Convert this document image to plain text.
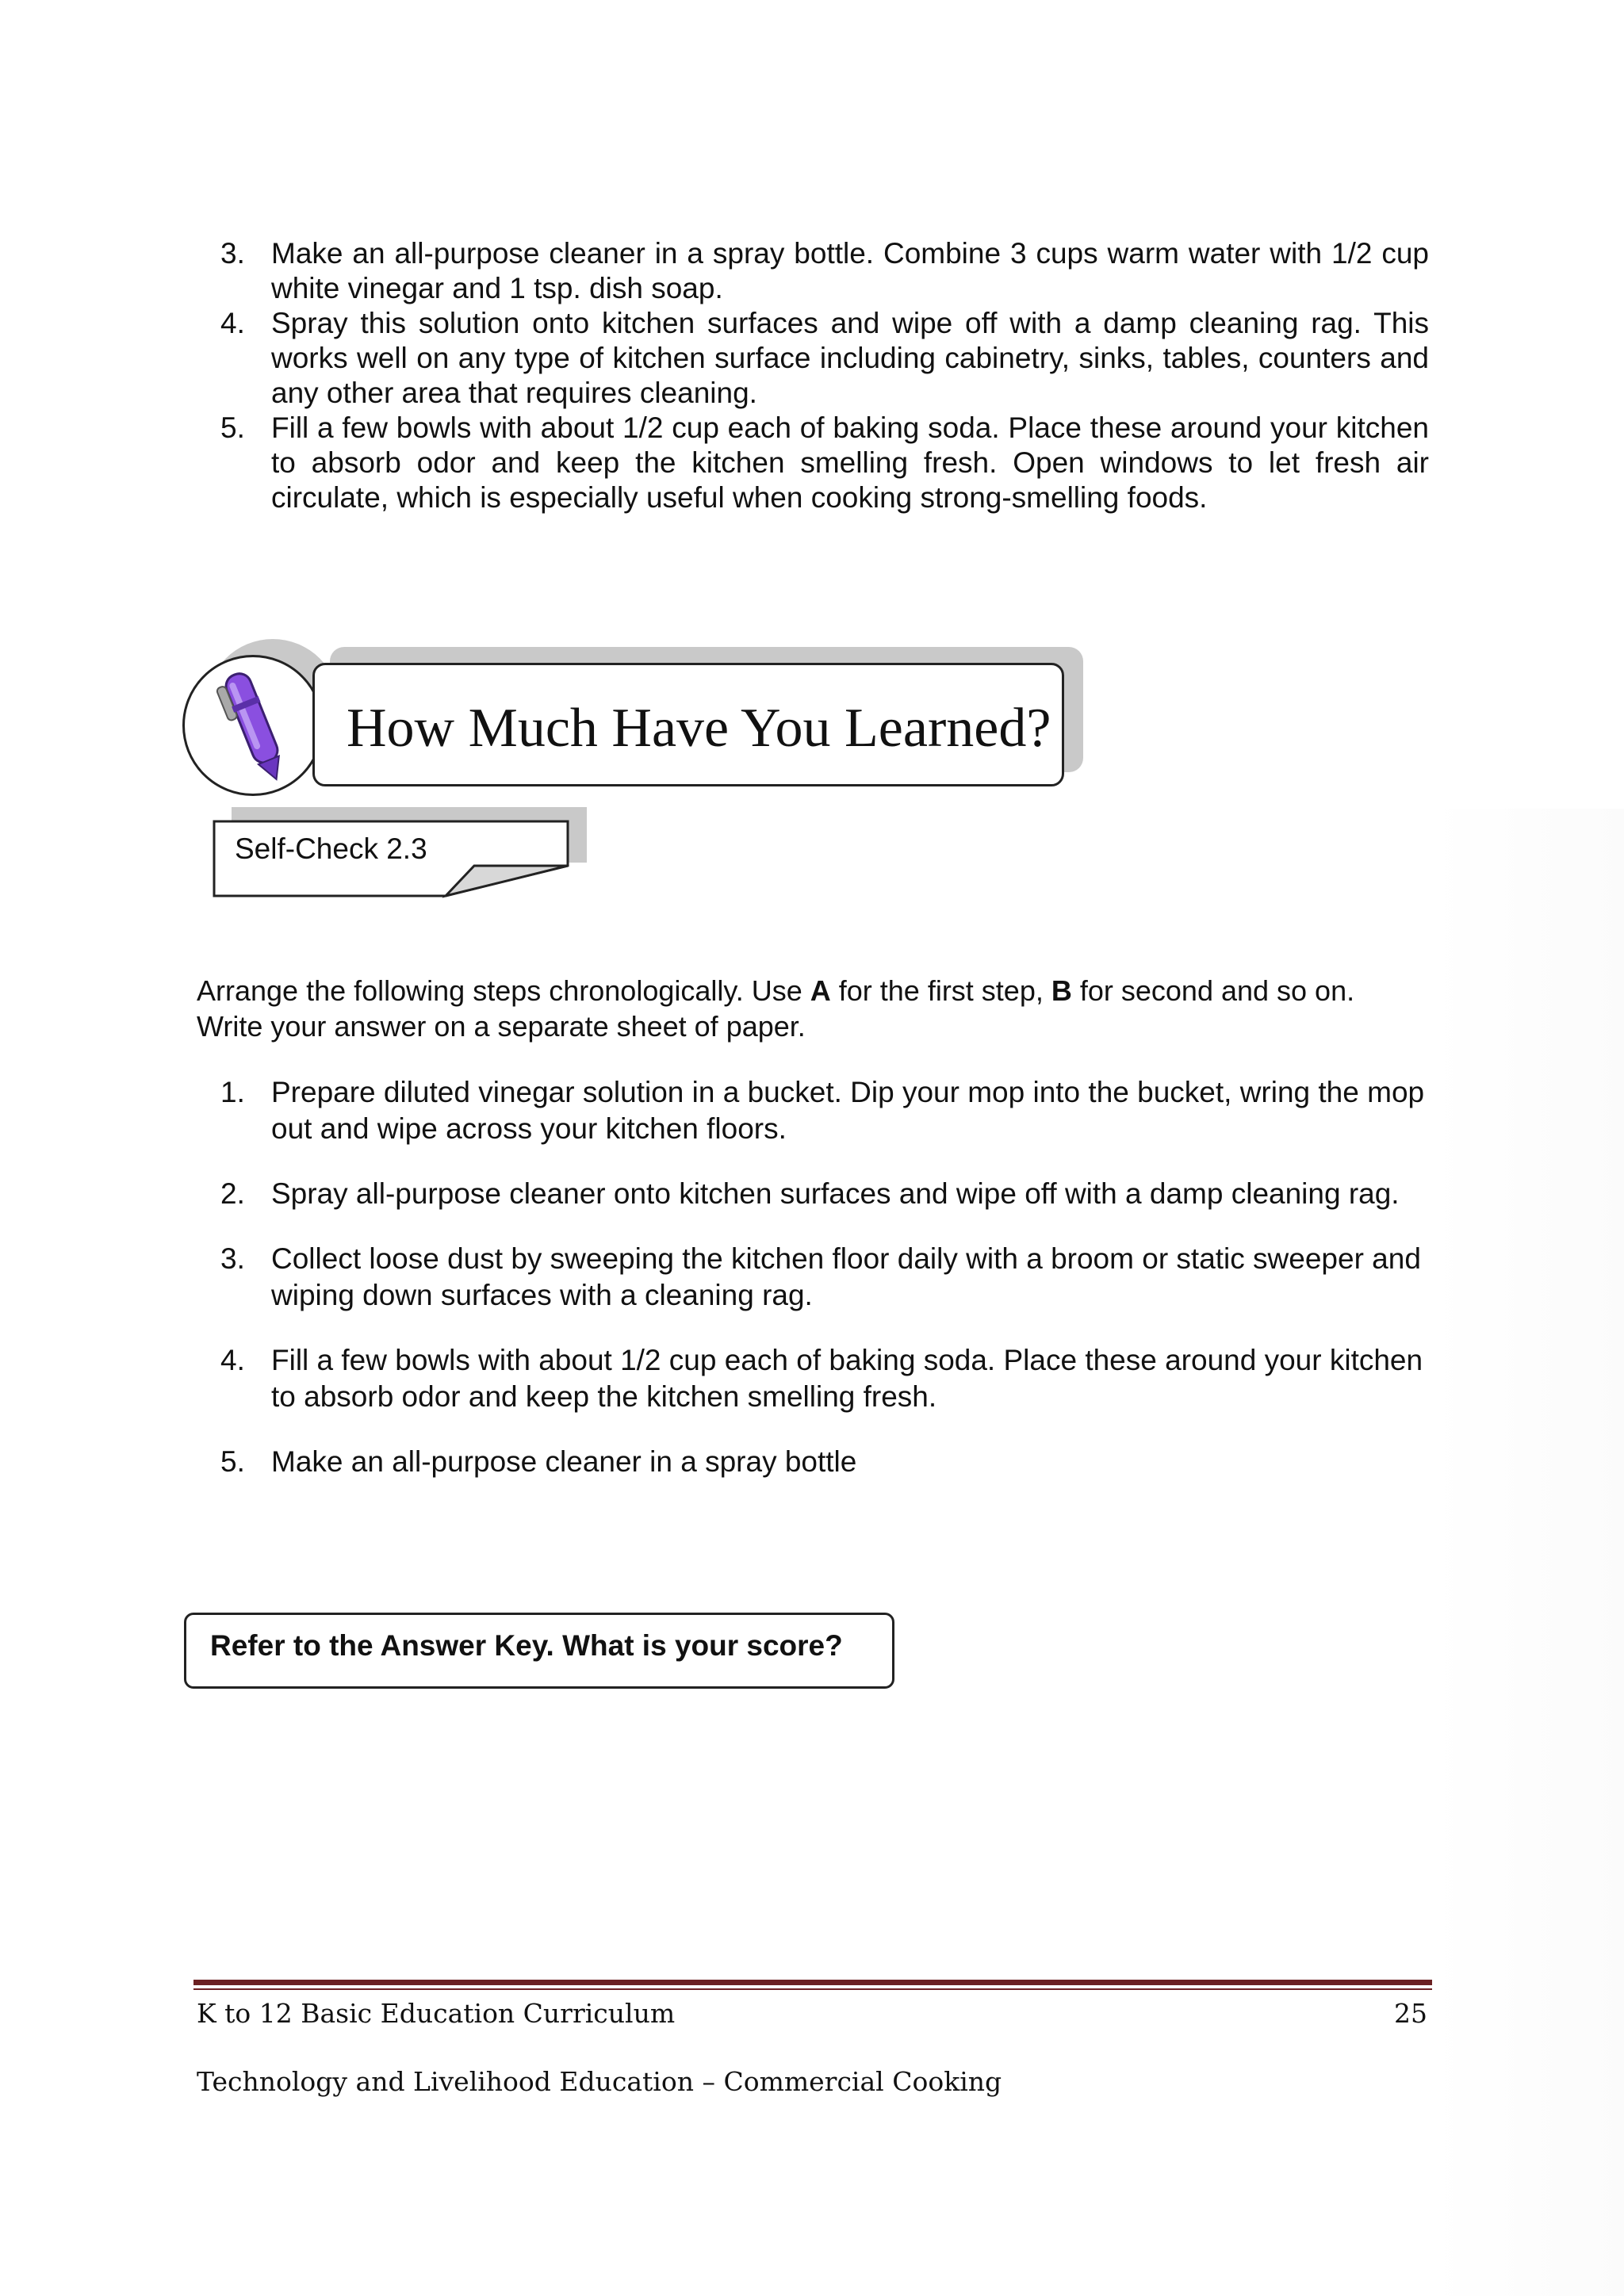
3. Make an all-purpose cleaner in a spray bottle. Combine 3 cups warm water with 1/2 cup white vinegar and 1 tsp. dish soap.
4. Spray this solution onto kitchen surfaces and wipe off with a damp cleaning rag. This works well on any type of kitchen surface including cabinetry, sinks, tables, counters and any other area that requires cleaning.
5. Fill a few bowls with about 1/2 cup each of baking soda. Place these around your kitchen to absorb odor and keep the kitchen smelling fresh. Open windows to let fresh air circulate, which is especially useful when cooking strong-smelling foods.
How Much Have You Learned?
Self-Check 2.3
Arrange the following steps chronologically. Use A for the first step, B for second and so on.
Write your answer on a separate sheet of paper.
1. Prepare diluted vinegar solution in a bucket. Dip your mop into the bucket, wring the mop out and wipe across your kitchen floors.
2. Spray all-purpose cleaner onto kitchen surfaces and wipe off with a damp cleaning rag.
3. Collect loose dust by sweeping the kitchen floor daily with a broom or static sweeper and wiping down surfaces with a cleaning rag.
4. Fill a few bowls with about 1/2 cup each of baking soda. Place these around your kitchen to absorb odor and keep the kitchen smelling fresh.
5. Make an all-purpose cleaner in a spray bottle
Refer to the Answer Key. What is your score?
K to 12 Basic Education Curriculum	25
Technology and Livelihood Education – Commercial Cooking
